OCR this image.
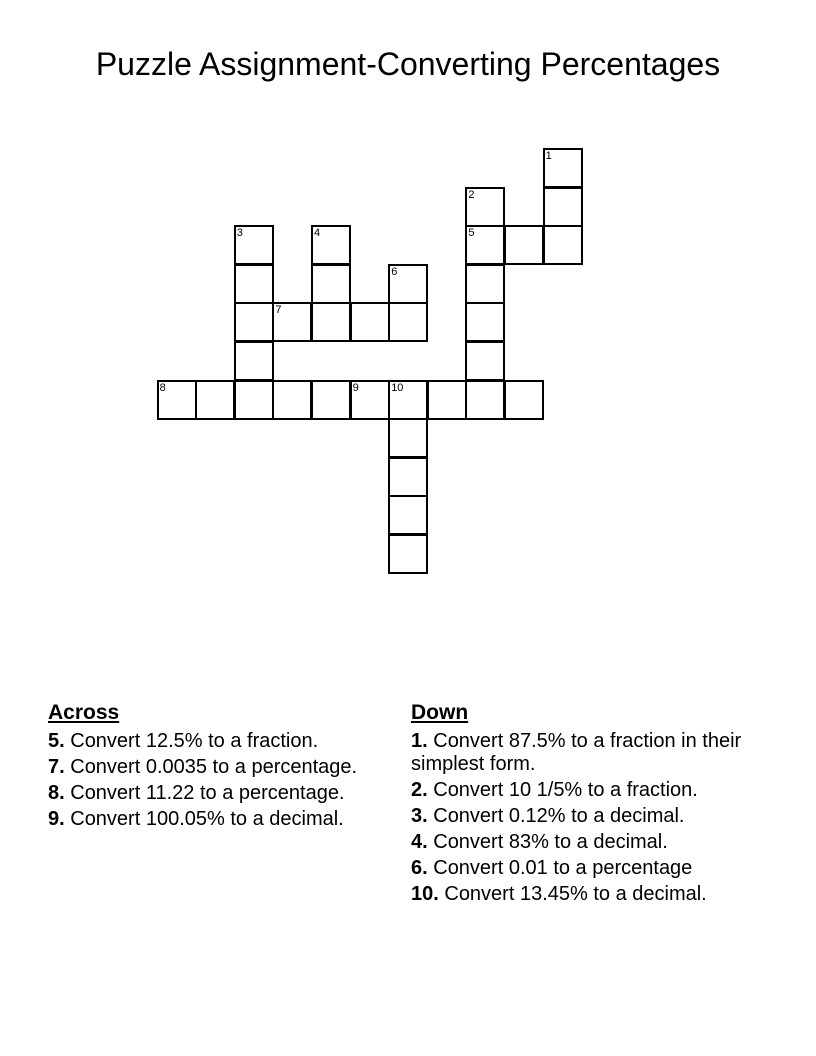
Puzzle Assignment-Converting Percentages
1
2
3	4	5
6
7
8	9	10
Across
5. Convert 12.5% to a fraction.
7. Convert 0.0035 to a percentage.
8. Convert 11.22 to a percentage.
9. Convert 100.05% to a decimal.
Down
1. Convert 87.5% to a fraction in their simplest form.
2. Convert 10 1/5% to a fraction.
3. Convert 0.12% to a decimal.
4. Convert 83% to a decimal.
6. Convert 0.01 to a percentage
10. Convert 13.45% to a decimal.
